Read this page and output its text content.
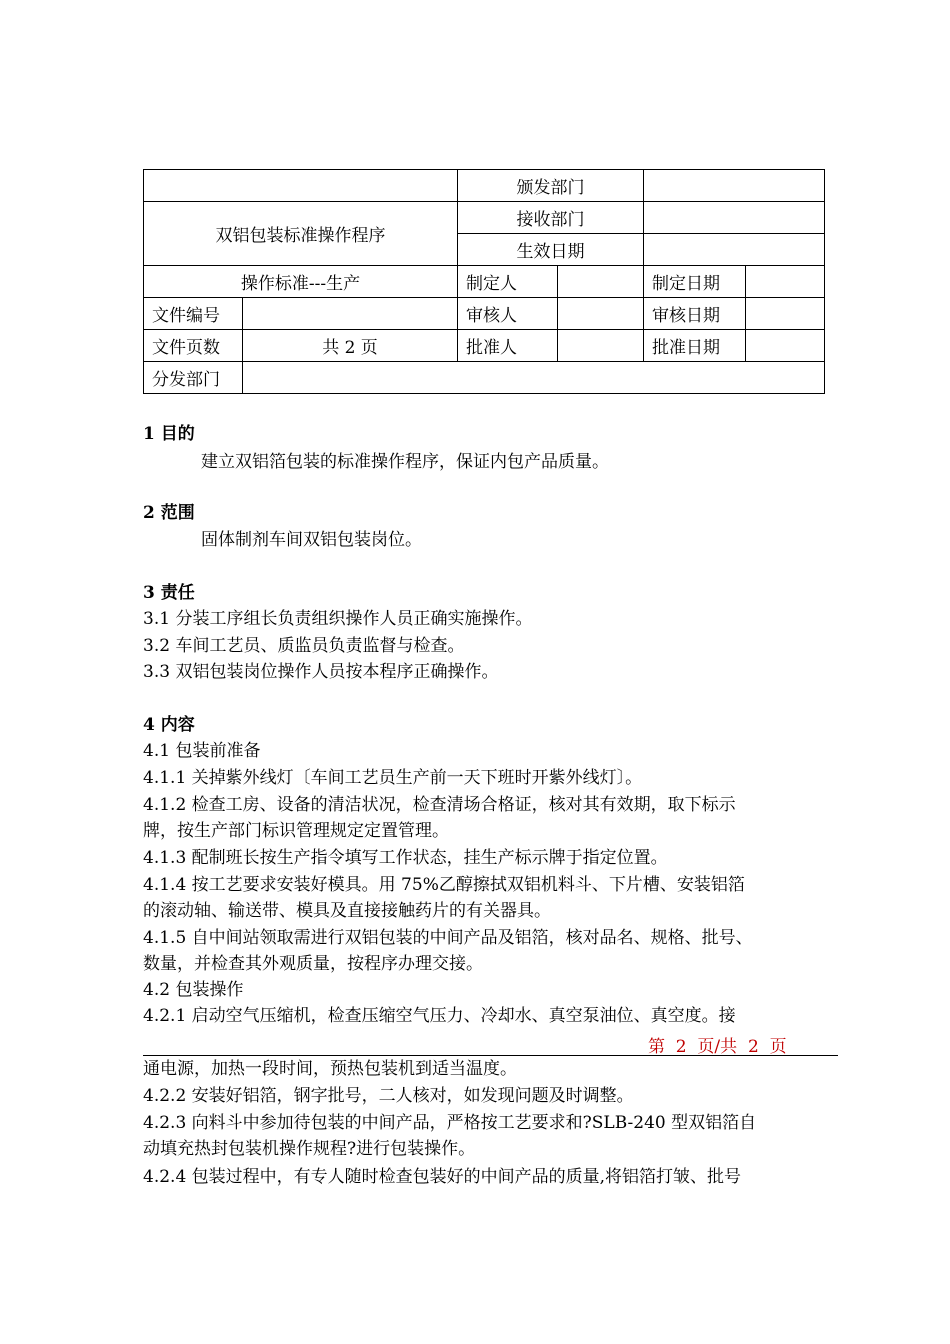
		颁发部门			
双铝包装标准操作程序		接收部门			
		生效日期			
操作标准---生产		制定人		制定日期	
文件编号		审核人		审核日期	
文件页数	共 2 页	批准人		批准日期	
分发部门					
1 目的
建立双铝箔包装的标准操作程序，保证内包产品质量。
2 范围
固体制剂车间双铝包装岗位。
3 责任
3.1 分装工序组长负责组织操作人员正确实施操作。
3.2 车间工艺员、质监员负责监督与检查。
3.3 双铝包装岗位操作人员按本程序正确操作。
4 内容
4.1 包装前准备
4.1.1 关掉紫外线灯〔车间工艺员生产前一天下班时开紫外线灯〕。
4.1.2 检查工房、设备的清洁状况，检查清场合格证，核对其有效期，取下标示
牌，按生产部门标识管理规定定置管理。
4.1.3 配制班长按生产指令填写工作状态，挂生产标示牌于指定位置。
4.1.4 按工艺要求安装好模具。用 75%乙醇擦拭双铝机料斗、下片槽、安装铝箔
的滚动轴、输送带、模具及直接接触药片的有关器具。
4.1.5 自中间站领取需进行双铝包装的中间产品及铝箔，核对品名、规格、批号、
数量，并检查其外观质量，按程序办理交接。
4.2 包装操作
4.2.1 启动空气压缩机，检查压缩空气压力、冷却水、真空泵油位、真空度。接
第  2  页/共  2  页
通电源，加热一段时间，预热包装机到适当温度。
4.2.2 安装好铝箔，钢字批号，二人核对，如发现问题及时调整。
4.2.3 向料斗中参加待包装的中间产品，严格按工艺要求和?SLB-240 型双铝箔自
动填充热封包装机操作规程?进行包装操作。
4.2.4 包装过程中，有专人随时检查包装好的中间产品的质量,将铝箔打皱、批号
